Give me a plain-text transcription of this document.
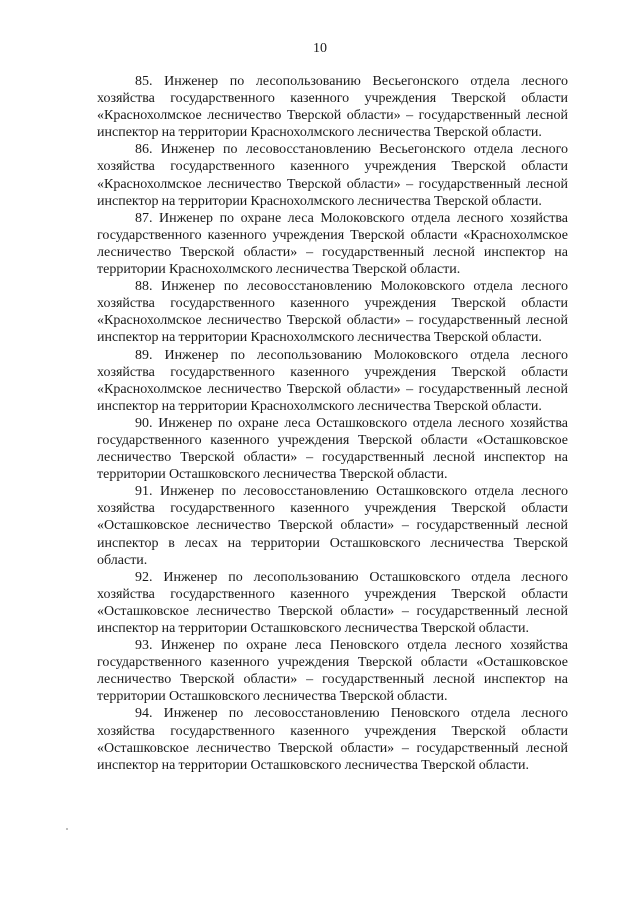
10

85. Инженер по лесопользованию Весьегонского отдела лесного хозяйства государственного казенного учреждения Тверской области «Краснохолмское лесничество Тверской области» – государственный лесной инспектор на территории Краснохолмского лесничества Тверской области.

86. Инженер по лесовосстановлению Весьегонского отдела лесного хозяйства государственного казенного учреждения Тверской области «Краснохолмское лесничество Тверской области» – государственный лесной инспектор на территории Краснохолмского лесничества Тверской области.

87. Инженер по охране леса Молоковского отдела лесного хозяйства государственного казенного учреждения Тверской области «Краснохолмское лесничество Тверской области» – государственный лесной инспектор на территории Краснохолмского лесничества Тверской области.

88. Инженер по лесовосстановлению Молоковского отдела лесного хозяйства государственного казенного учреждения Тверской области «Краснохолмское лесничество Тверской области» – государственный лесной инспектор на территории Краснохолмского лесничества Тверской области.

89. Инженер по лесопользованию Молоковского отдела лесного хозяйства государственного казенного учреждения Тверской области «Краснохолмское лесничество Тверской области» – государственный лесной инспектор на территории Краснохолмского лесничества Тверской области.

90. Инженер по охране леса Осташковского отдела лесного хозяйства государственного казенного учреждения Тверской области «Осташковское лесничество Тверской области» – государственный лесной инспектор на территории Осташковского лесничества Тверской области.

91. Инженер по лесовосстановлению Осташковского отдела лесного хозяйства государственного казенного учреждения Тверской области «Осташковское лесничество Тверской области» – государственный лесной инспектор в лесах на территории Осташковского лесничества Тверской области.

92. Инженер по лесопользованию Осташковского отдела лесного хозяйства государственного казенного учреждения Тверской области «Осташковское лесничество Тверской области» – государственный лесной инспектор на территории Осташковского лесничества Тверской области.

93. Инженер по охране леса Пеновского отдела лесного хозяйства государственного казенного учреждения Тверской области «Осташковское лесничество Тверской области» – государственный лесной инспектор на территории Осташковского лесничества Тверской области.

94. Инженер по лесовосстановлению Пеновского отдела лесного хозяйства государственного казенного учреждения Тверской области «Осташковское лесничество Тверской области» – государственный лесной инспектор на территории Осташковского лесничества Тверской области.
